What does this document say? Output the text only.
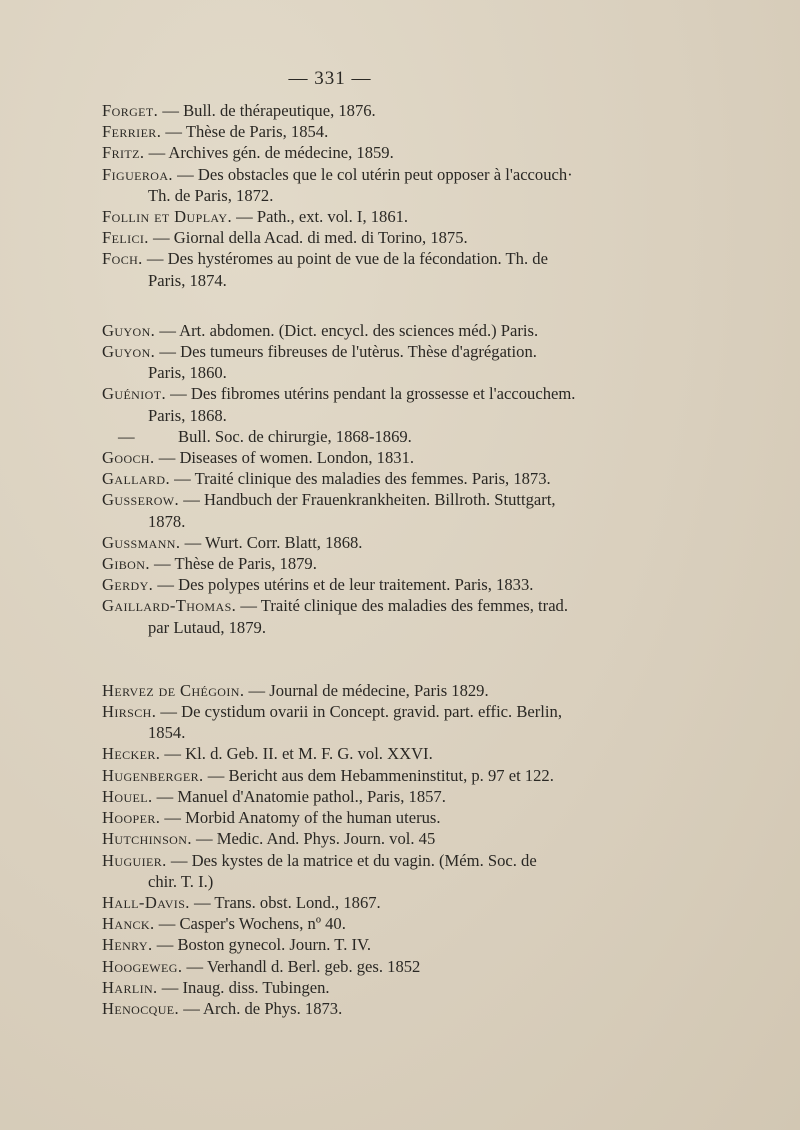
— 331 —
Forget. — Bull. de thérapeutique, 1876.
Ferrier. — Thèse de Paris, 1854.
Fritz. — Archives gén. de médecine, 1859.
Figueroa. — Des obstacles que le col utérin peut opposer à l'accouch·
Th. de Paris, 1872.
Follin et Duplay. — Path., ext. vol. I, 1861.
Felici. — Giornal della Acad. di med. di Torino, 1875.
Foch. — Des hystéromes au point de vue de la fécondation. Th. de
Paris, 1874.
Guyon. — Art. abdomen. (Dict. encycl. des sciences méd.) Paris.
Guyon. — Des tumeurs fibreuses de l'utèrus. Thèse d'agrégation.
Paris, 1860.
Guéniot. — Des fibromes utérins pendant la grossesse et l'accouchem.
Paris, 1868.
—	Bull. Soc. de chirurgie, 1868-1869.
Gooch. — Diseases of women. London, 1831.
Gallard. — Traité clinique des maladies des femmes. Paris, 1873.
Gusserow. — Handbuch der Frauenkrankheiten. Billroth. Stuttgart,
1878.
Gussmann. — Wurt. Corr. Blatt, 1868.
Gibon. — Thèse de Paris, 1879.
Gerdy. — Des polypes utérins et de leur traitement. Paris, 1833.
Gaillard-Thomas. — Traité clinique des maladies des femmes, trad.
par Lutaud, 1879.
Hervez de Chégoin. — Journal de médecine, Paris 1829.
Hirsch. — De cystidum ovarii in Concept. gravid. part. effic. Berlin,
1854.
Hecker. — Kl. d. Geb. II. et M. F. G. vol. XXVI.
Hugenberger. — Bericht aus dem Hebammeninstitut, p. 97 et 122.
Houel. — Manuel d'Anatomie pathol., Paris, 1857.
Hooper. — Morbid Anatomy of the human uterus.
Hutchinson. — Medic. And. Phys. Journ. vol. 45
Huguier. — Des kystes de la matrice et du vagin. (Mém. Soc. de
chir. T. I.)
Hall-Davis. — Trans. obst. Lond., 1867.
Hanck. — Casper's Wochens, nº 40.
Henry. — Boston gynecol. Journ. T. IV.
Hoogeweg. — Verhandl d. Berl. geb. ges. 1852
Harlin. — Inaug. diss. Tubingen.
Henocque. — Arch. de Phys. 1873.
